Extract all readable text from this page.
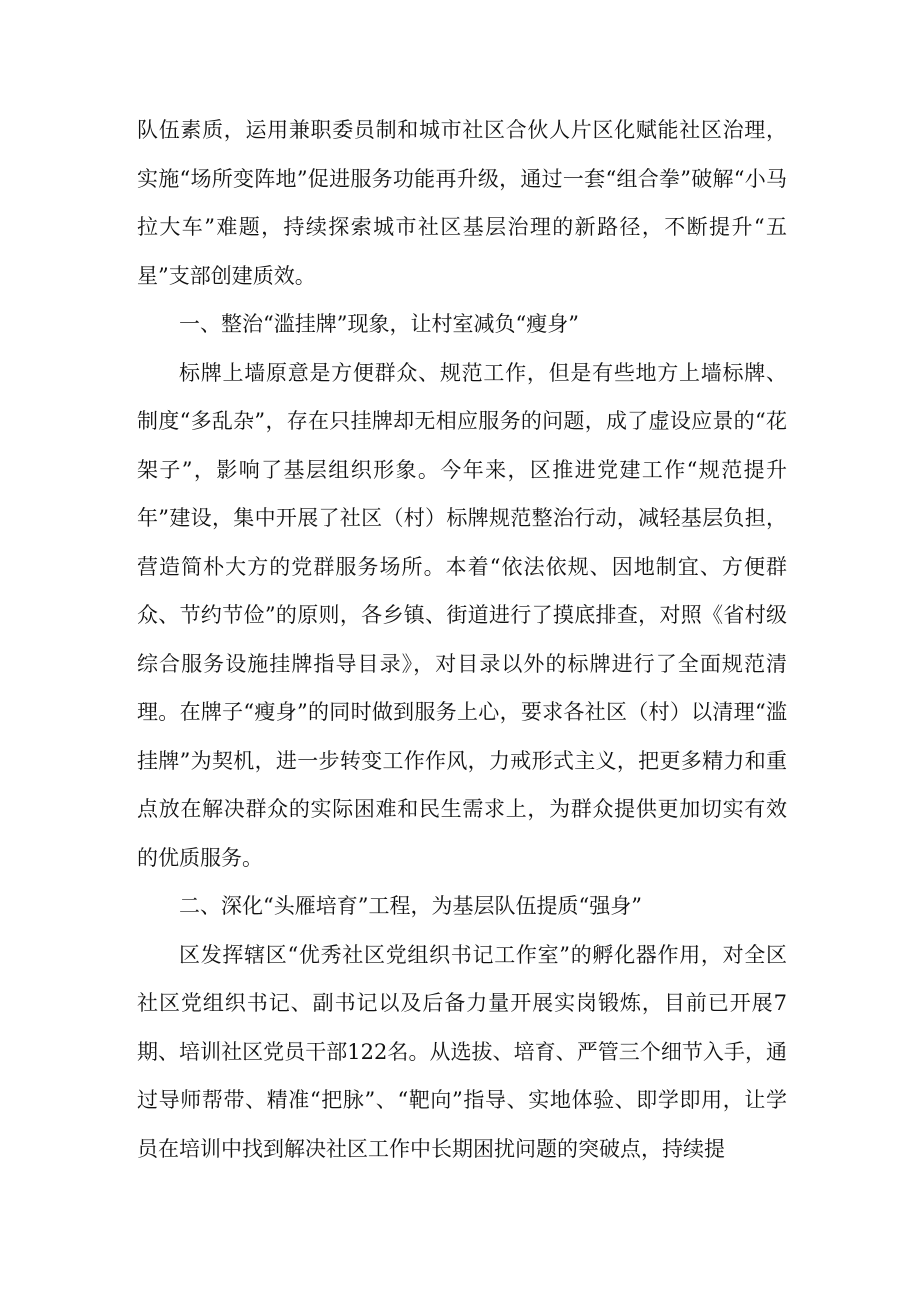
队伍素质，运用兼职委员制和城市社区合伙人片区化赋能社区治理，实施“场所变阵地”促进服务功能再升级，通过一套“组合拳”破解“小马拉大车”难题，持续探索城市社区基层治理的新路径，不断提升“五星”支部创建质效。

一、整治“滥挂牌”现象，让村室减负“瘦身”

标牌上墙原意是方便群众、规范工作，但是有些地方上墙标牌、制度“多乱杂”，存在只挂牌却无相应服务的问题，成了虚设应景的“花架子”，影响了基层组织形象。今年来，区推进党建工作“规范提升年”建设，集中开展了社区（村）标牌规范整治行动，减轻基层负担，营造简朴大方的党群服务场所。本着“依法依规、因地制宜、方便群众、节约节俭”的原则，各乡镇、街道进行了摸底排查，对照《省村级综合服务设施挂牌指导目录》，对目录以外的标牌进行了全面规范清理。在牌子“瘦身”的同时做到服务上心，要求各社区（村）以清理“滥挂牌”为契机，进一步转变工作作风，力戒形式主义，把更多精力和重点放在解决群众的实际困难和民生需求上，为群众提供更加切实有效的优质服务。

二、深化“头雁培育”工程，为基层队伍提质“强身”

区发挥辖区“优秀社区党组织书记工作室”的孵化器作用，对全区社区党组织书记、副书记以及后备力量开展实岗锻炼，目前已开展7期、培训社区党员干部122名。从选拔、培育、严管三个细节入手，通过导师帮带、精准“把脉”、“靶向”指导、实地体验、即学即用，让学员在培训中找到解决社区工作中长期困扰问题的突破点，持续提
